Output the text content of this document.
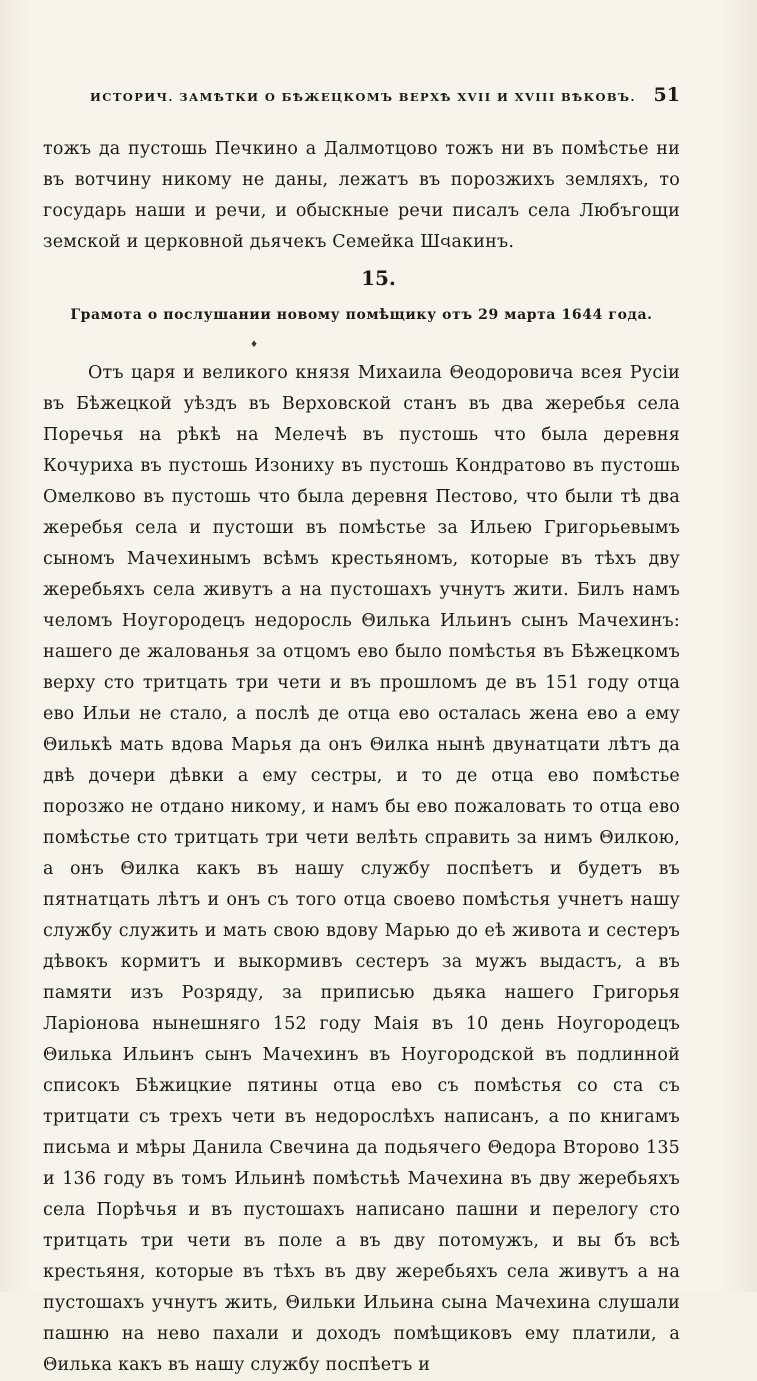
ИСТОРИЧ. ЗАМѢТКИ О БѢЖЕЦКОМЪ ВЕРХѢ XVII И XVIII ВѢКОВЪ. 51

тожъ да пустошь Печкино а Далмотцово тожъ ни въ помѣстье ни въ вотчину никому не даны, лежатъ въ порозжихъ земляхъ, то государь наши и речи, и обыскные речи писалъ села Любъгощи земской и церковной дьячекъ Семейка Шવакинъ.

15.
Грамота о послушании новому помѣщику отъ 29 марта 1644 года.
♦

Отъ царя и великого князя Михаила Θеодоровича всея Русіи въ Бѣжецкой уѣздъ въ Верховской станъ въ два жеребья села Поречья на рѣкѣ на Мелечѣ въ пустошь что была деревня Кочуриха въ пустошь Изониху въ пустошь Кондратово въ пустошь Омелково въ пустошь что была деревня Пестово, что были тѣ два жеребья села и пустоши въ помѣстье за Ильею Григорьевымъ сыномъ Мачехинымъ всѣмъ крестьяномъ, которые въ тѣхъ дву жеребьяхъ села живутъ а на пустошахъ учнутъ жити. Билъ намъ челомъ Ноугородецъ недоросль Θилька Ильинъ сынъ Мачехинъ: нашего де жалованья за отцомъ ево было помѣстья въ Бѣжецкомъ верху сто тритцать три чети и въ прошломъ де въ 151 году отца ево Ильи не стало, а послѣ де отца ево осталась жена ево а ему Θилькѣ мать вдова Марья да онъ Θилка нынѣ двунатцати лѣтъ да двѣ дочери дѣвки а ему сестры, и то де отца ево помѣстье порозжо не отдано никому, и намъ бы ево пожаловать то отца ево помѣстье сто тритцать три чети велѣть справить за нимъ Θилкою, а онъ Θилка какъ въ нашу службу поспѣетъ и будетъ въ пятнатцать лѣтъ и онъ съ того отца своево помѣстья учнетъ нашу службу служить и мать свою вдову Марью до еѣ живота и сестеръ дѣвокъ кормитъ и выкормивъ сестеръ за мужъ выдастъ, а въ памяти изъ Розряду, за приписью дьяка нашего Григорья Ларіонова нынешняго 152 году Маія въ 10 день Ноугородецъ Θилька Ильинъ сынъ Мачехинъ въ Ноугородской въ подлинной списокъ Бѣжицкие пятины отца ево съ помѣстья со ста съ тритцати съ трехъ чети въ недорослѣхъ написанъ, а по книгамъ письма и мѣры Данила Свечина да подьячего Θедора Второво 135 и 136 году въ томъ Ильинѣ помѣстьѣ Мачехина въ дву жеребьяхъ села Порѣчья и въ пустошахъ написано пашни и перелогу сто тритцать три чети въ поле а въ дву потомужъ, и вы бъ всѣ крестьяня, которые въ тѣхъ въ дву жеребьяхъ села живутъ а на пустошахъ учнутъ жить, Θильки Ильина сына Мачехина слушали пашню на нево пахали и доходъ помѣщиковъ ему платили, а Θилька какъ въ нашу службу поспѣетъ и
